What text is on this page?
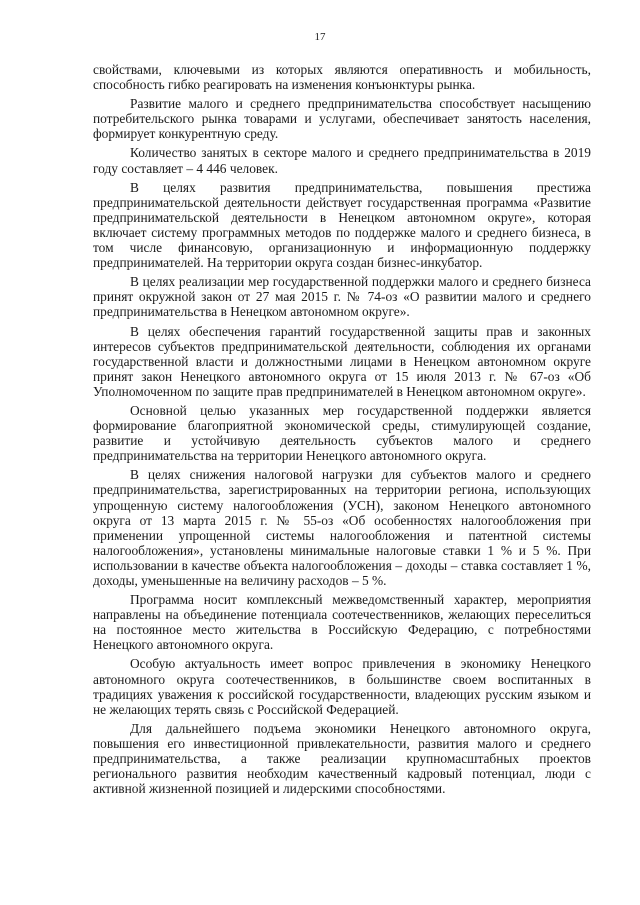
17

свойствами, ключевыми из которых являются оперативность и мобильность, способность гибко реагировать на изменения конъюнктуры рынка.

Развитие малого и среднего предпринимательства способствует насыщению потребительского рынка товарами и услугами, обеспечивает занятость населения, формирует конкурентную среду.

Количество занятых в секторе малого и среднего предпринимательства в 2019 году составляет – 4 446 человек.

В целях развития предпринимательства, повышения престижа предпринимательской деятельности действует государственная программа «Развитие предпринимательской деятельности в Ненецком автономном округе», которая включает систему программных методов по поддержке малого и среднего бизнеса, в том числе финансовую, организационную и информационную поддержку предпринимателей. На территории округа создан бизнес-инкубатор.

В целях реализации мер государственной поддержки малого и среднего бизнеса принят окружной закон от 27 мая 2015 г. № 74-оз «О развитии малого и среднего предпринимательства в Ненецком автономном округе».

В целях обеспечения гарантий государственной защиты прав и законных интересов субъектов предпринимательской деятельности, соблюдения их органами государственной власти и должностными лицами в Ненецком автономном округе принят закон Ненецкого автономного округа от 15 июля 2013 г. № 67-оз «Об Уполномоченном по защите прав предпринимателей в Ненецком автономном округе».

Основной целью указанных мер государственной поддержки является формирование благоприятной экономической среды, стимулирующей создание, развитие и устойчивую деятельность субъектов малого и среднего предпринимательства на территории Ненецкого автономного округа.

В целях снижения налоговой нагрузки для субъектов малого и среднего предпринимательства, зарегистрированных на территории региона, использующих упрощенную систему налогообложения (УСН), законом Ненецкого автономного округа от 13 марта 2015 г. № 55-оз «Об особенностях налогообложения при применении упрощенной системы налогообложения и патентной системы налогообложения», установлены минимальные налоговые ставки 1 % и 5 %. При использовании в качестве объекта налогообложения – доходы – ставка составляет 1 %, доходы, уменьшенные на величину расходов – 5 %.

Программа носит комплексный межведомственный характер, мероприятия направлены на объединение потенциала соотечественников, желающих переселиться на постоянное место жительства в Российскую Федерацию, с потребностями Ненецкого автономного округа.

Особую актуальность имеет вопрос привлечения в экономику Ненецкого автономного округа соотечественников, в большинстве своем воспитанных в традициях уважения к российской государственности, владеющих русским языком и не желающих терять связь с Российской Федерацией.

Для дальнейшего подъема экономики Ненецкого автономного округа, повышения его инвестиционной привлекательности, развития малого и среднего предпринимательства, а также реализации крупномасштабных проектов регионального развития необходим качественный кадровый потенциал, люди с активной жизненной позицией и лидерскими способностями.
